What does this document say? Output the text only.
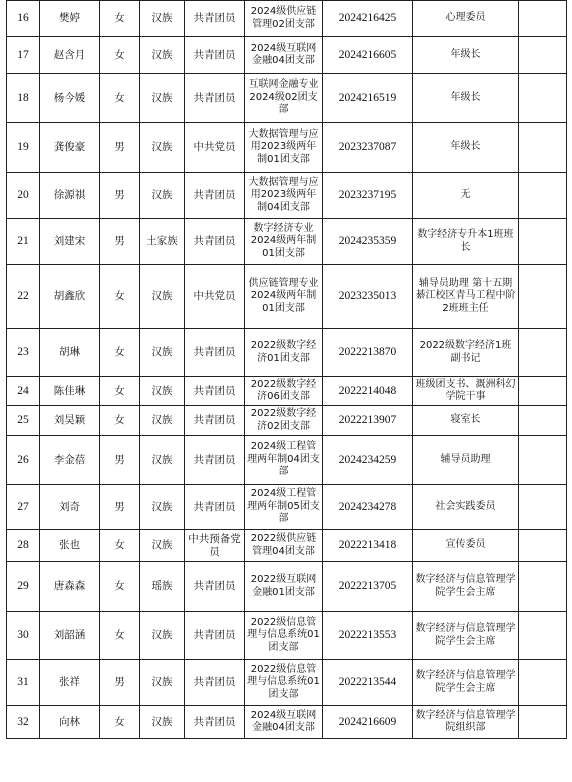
16	樊婷	女	汉族	共青团员	2024级供应链管理02团支部	2024216425	心理委员	
17	赵含月	女	汉族	共青团员	2024级互联网金融04团支部	2024216605	年级长	
18	杨今媛	女	汉族	共青团员	互联网金融专业2024级02团支部	2024216519	年级长	
19	龚俊豪	男	汉族	中共党员	大数据管理与应用2023级两年制01团支部	2023237087	年级长	
20	徐源祺	男	汉族	共青团员	大数据管理与应用2023级两年制04团支部	2023237195	无	
21	刘建宋	男	土家族	共青团员	数字经济专业2024级两年制01团支部	2024235359	数字经济专升本1班班长	
22	胡鑫欣	女	汉族	中共党员	供应链管理专业2024级两年制01团支部	2023235013	辅导员助理 第十五期綦江校区青马工程中阶2班班主任	
23	胡琳	女	汉族	共青团员	2022级数字经济01团支部	2022213870	2022级数字经济1班 副书记	
24	陈佳琳	女	汉族	共青团员	2022级数字经济06团支部	2022214048	班级团支书、溉洲科幻学院干事	
25	刘昊颖	女	汉族	共青团员	2022级数字经济02团支部	2022213907	寝室长	
26	李金蓓	男	汉族	共青团员	2024级工程管理两年制04团支部	2024234259	辅导员助理	
27	刘奇	男	汉族	共青团员	2024级工程管理两年制05团支部	2024234278	社会实践委员	
28	张也	女	汉族	中共预备党员	2022级供应链管理04团支部	2022213418	宣传委员	
29	唐森森	女	瑶族	共青团员	2022级互联网金融01团支部	2022213705	数字经济与信息管理学院学生会主席	
30	刘韶涵	女	汉族	共青团员	2022级信息管理与信息系统01团支部	2022213553	数字经济与信息管理学院学生会主席	
31	张祥	男	汉族	共青团员	2022级信息管理与信息系统01团支部	2022213544	数字经济与信息管理学院学生会主席	
32	向林	女	汉族	共青团员	2024级互联网金融04团支部	2024216609	数字经济与信息管理学院组织部	
